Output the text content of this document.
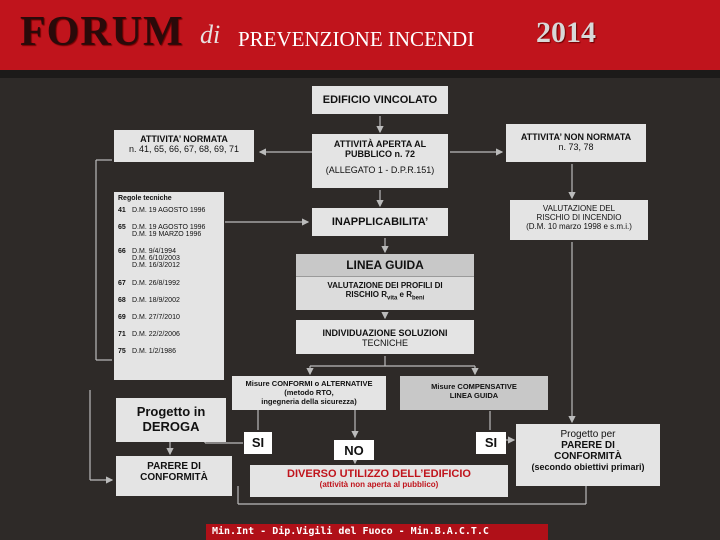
FORUM di PREVENZIONE INCENDI 2014
EDIFICIO VINCOLATO
ATTIVITA’ NORMATA
n. 41, 65, 66, 67, 68, 69, 71	ATTIVITÀ APERTA AL
PUBBLICO n. 72
(ALLEGATO 1 - D.P.R.151)
ATTIVITA’ NON NORMATA
n. 73, 78
Regole tecniche
41 D.M. 19 AGOSTO 1996
65 D.M. 19 AGOSTO 1996
D.M. 19 MARZO 1996
66 D.M. 9/4/1994
D.M. 6/10/2003
D.M. 16/3/2012
67 D.M. 26/8/1992
68 D.M. 18/9/2002
69 D.M. 27/7/2010
71 D.M. 22/2/2006
75 D.M. 1/2/1986
VALUTAZIONE DEL
RISCHIO DI INCENDIO
(D.M. 10 marzo 1998 e s.m.i.)
INAPPLICABILITA’
LINEA GUIDA
VALUTAZIONE DEI PROFILI DI
RISCHIO $R_{vita}$ e $R_{beni}$
INDIVIDUAZIONE SOLUZIONI
TECNICHE
Misure CONFORMI o ALTERNATIVE
(metodo RTO,
ingegneria della sicurezza)
Misure COMPENSATIVE
LINEA GUIDA
Progetto in
DEROGA
SI
NO
SI
Progetto per
PARERE DI
CONFORMITÀ
(secondo obiettivi primari)
PARERE DI
CONFORMITÀ	DIVERSO UTILIZZO DELL’EDIFICIO
(attività non aperta al pubblico)
Min.Int - Dip.Vigili del Fuoco - Min.B.A.C.T.C
